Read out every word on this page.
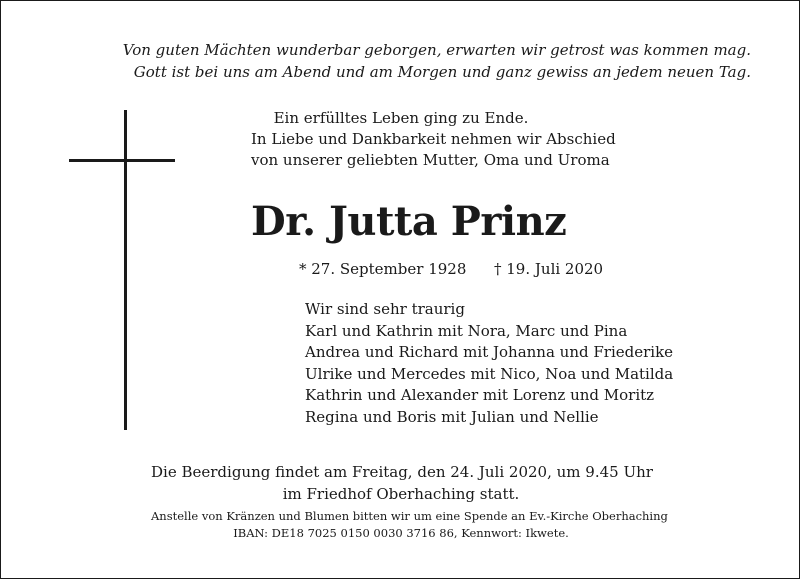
Von guten Mächten wunderbar geborgen, erwarten wir getrost was kommen mag.
Gott ist bei uns am Abend und am Morgen und ganz gewiss an jedem neuen Tag.
Ein erfülltes Leben ging zu Ende.
In Liebe und Dankbarkeit nehmen wir Abschied
von unserer geliebten Mutter, Oma und Uroma
Dr. Jutta Prinz
* 27. September 1928 † 19. Juli 2020
Wir sind sehr traurig
Karl und Kathrin mit Nora, Marc und Pina
Andrea und Richard mit Johanna und Friederike
Ulrike und Mercedes mit Nico, Noa und Matilda
Kathrin und Alexander mit Lorenz und Moritz
Regina und Boris mit Julian und Nellie
Die Beerdigung findet am Freitag, den 24. Juli 2020, um 9.45 Uhr
im Friedhof Oberhaching statt.
Anstelle von Kränzen und Blumen bitten wir um eine Spende an Ev.-Kirche Oberhaching
IBAN: DE18 7025 0150 0030 3716 86, Kennwort: Ikwete.
